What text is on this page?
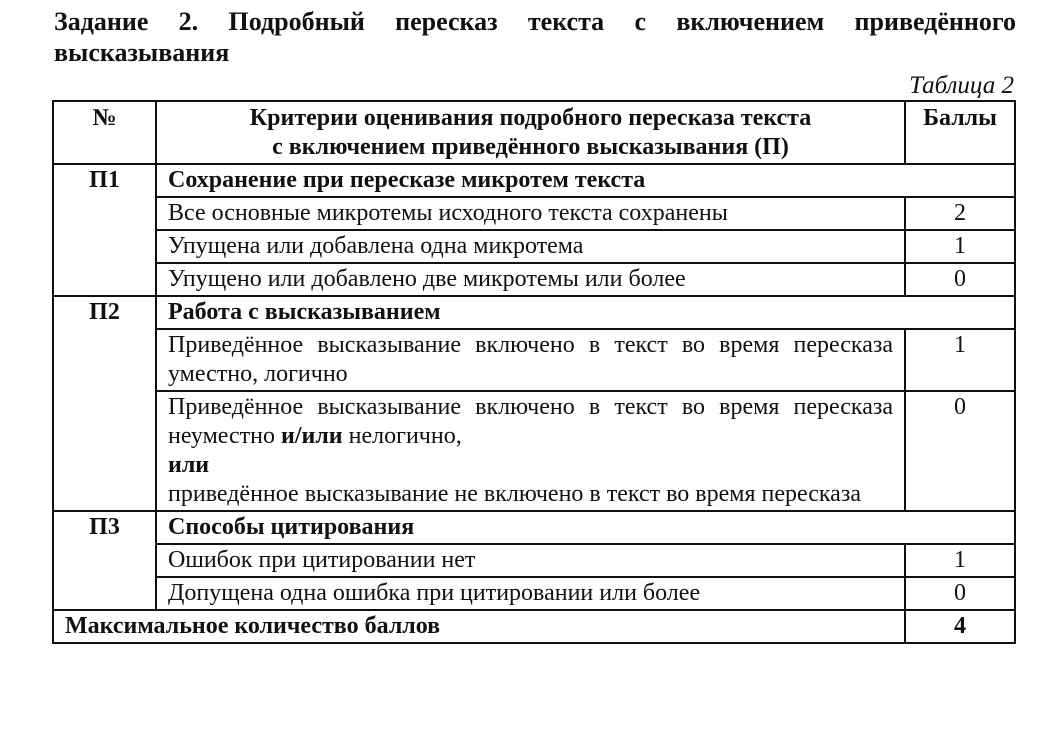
Задание 2. Подробный пересказ текста с включением приведённого высказывания
Таблица 2
№	Критерии оценивания подробного пересказа текста
с включением приведённого высказывания (П)	Баллы
П1	Сохранение при пересказе микротем текста	
	Все основные микротемы исходного текста сохранены	2
	Упущена или добавлена одна микротема	1
	Упущено или добавлено две микротемы или более	0
П2	Работа с высказыванием	
	Приведённое высказывание включено в текст во время пересказа уместно, логично	1
	Приведённое высказывание включено в текст во время пересказа неуместно и/или нелогично,
или
приведённое высказывание не включено в текст во время пересказа	0
П3	Способы цитирования	
	Ошибок при цитировании нет	1
	Допущена одна ошибка при цитировании или более	0
Максимальное количество баллов		4
